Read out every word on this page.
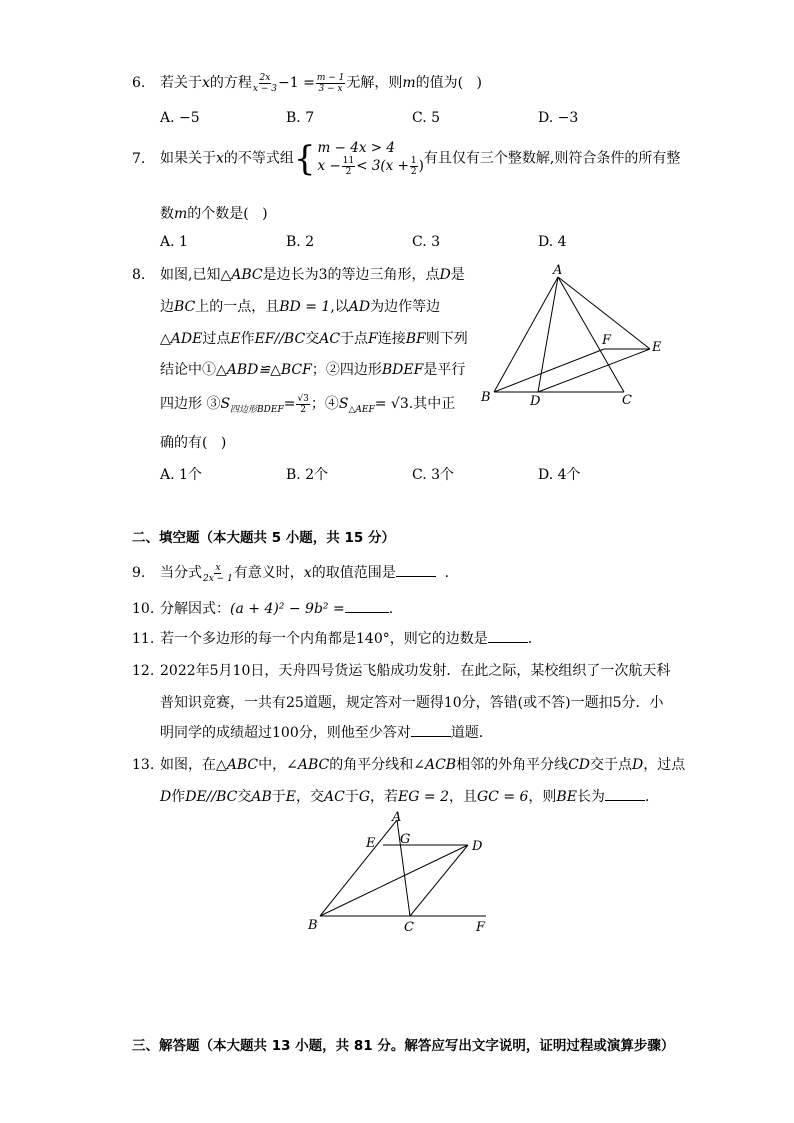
6. 若关于x的方程 $\frac{2x}{x - 3} -1 = \frac{m - 1}{3 - x}$ 无解，则m的值为( )
A. −5	B. 7	C. 5	D. −3
7. 如果关于x的不等式组{ m − 4x > 4
$x - \frac{11}{2} < 3(x + \frac{1}{2}$ )有且仅有三个整数解,则符合条件的所有整
数m的个数是( )
A. 1	B. 2	C. 3	D. 4
8. 如图,已知△ABC是边长为3的等边三角形，点D是
边BC上的一点，且BD = 1,以AD为边作等边
△ADE过点E作EF//BC交AC于点F连接BF则下列
结论中①△ABD≌△BCF；②四边形BDEF是平行
四边形 $③S_{四边形BDEF}= \frac{√3}{2}$ ；$④S_{\triangle AEF}= √3$.其中正
确的有( )
A. 1个	B. 2个	C. 3个	D. 4个
A
B	C
D
E
F
二、填空题（本大题共 5 小题，共 15 分）
9. 当分式 $\frac{x}{2x - 1}$ 有意义时，x的取值范围是	.
10. 分解因式：(a + 4)² − 9b² =	.
11. 若一个多边形的每一个内角都是140°，则它的边数是	.
12. 2022年5月10日，天舟四号货运飞船成功发射．在此之际，某校组织了一次航天科
普知识竞赛，一共有25道题，规定答对一题得10分，答错(或不答)一题扣5分．小
明同学的成绩超过100分，则他至少答对	道题．
13. 如图，在△ABC中，∠ABC的角平分线和∠ACB相邻的外角平分线CD交于点D，过点
D作DE//BC交AB于E，交AC于G，若EG = 2，且GC = 6，则BE长为	.
A
B	C
D
E G
F
三、解答题（本大题共 13 小题，共 81 分。解答应写出文字说明，证明过程或演算步骤）
